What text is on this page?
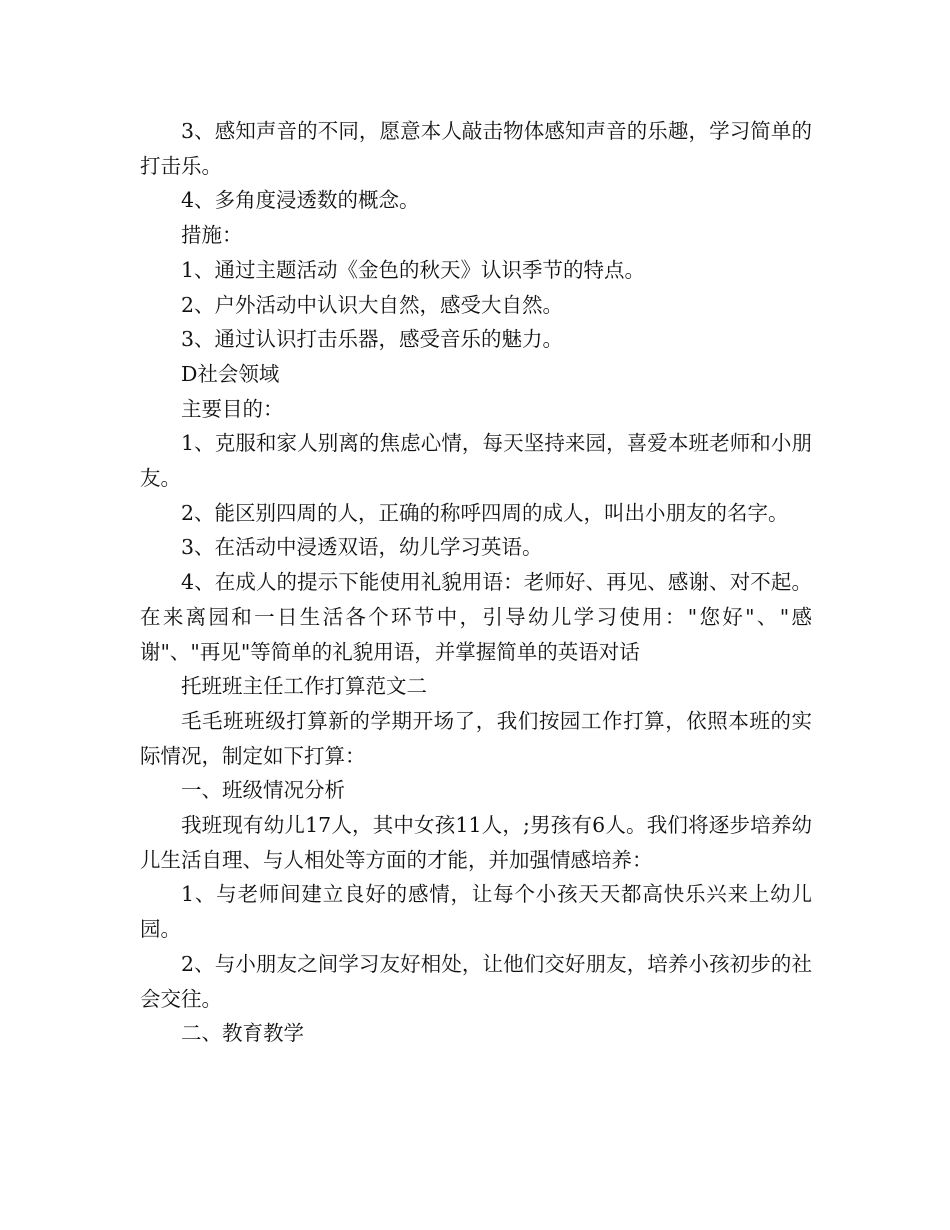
3、感知声音的不同，愿意本人敲击物体感知声音的乐趣，学习简单的打击乐。

4、多角度浸透数的概念。

措施：

1、通过主题活动《金色的秋天》认识季节的特点。

2、户外活动中认识大自然，感受大自然。

3、通过认识打击乐器，感受音乐的魅力。

D社会领域

主要目的：

1、克服和家人别离的焦虑心情，每天坚持来园，喜爱本班老师和小朋友。

2、能区别四周的人，正确的称呼四周的成人，叫出小朋友的名字。

3、在活动中浸透双语，幼儿学习英语。

4、在成人的提示下能使用礼貌用语：老师好、再见、感谢、对不起。在来离园和一日生活各个环节中，引导幼儿学习使用："您好"、"感谢"、"再见"等简单的礼貌用语，并掌握简单的英语对话

托班班主任工作打算范文二

毛毛班班级打算新的学期开场了，我们按园工作打算，依照本班的实际情况，制定如下打算：

一、班级情况分析

我班现有幼儿17人，其中女孩11人，;男孩有6人。我们将逐步培养幼儿生活自理、与人相处等方面的才能，并加强情感培养：

1、与老师间建立良好的感情，让每个小孩天天都高快乐兴来上幼儿园。

2、与小朋友之间学习友好相处，让他们交好朋友，培养小孩初步的社会交往。

二、教育教学
